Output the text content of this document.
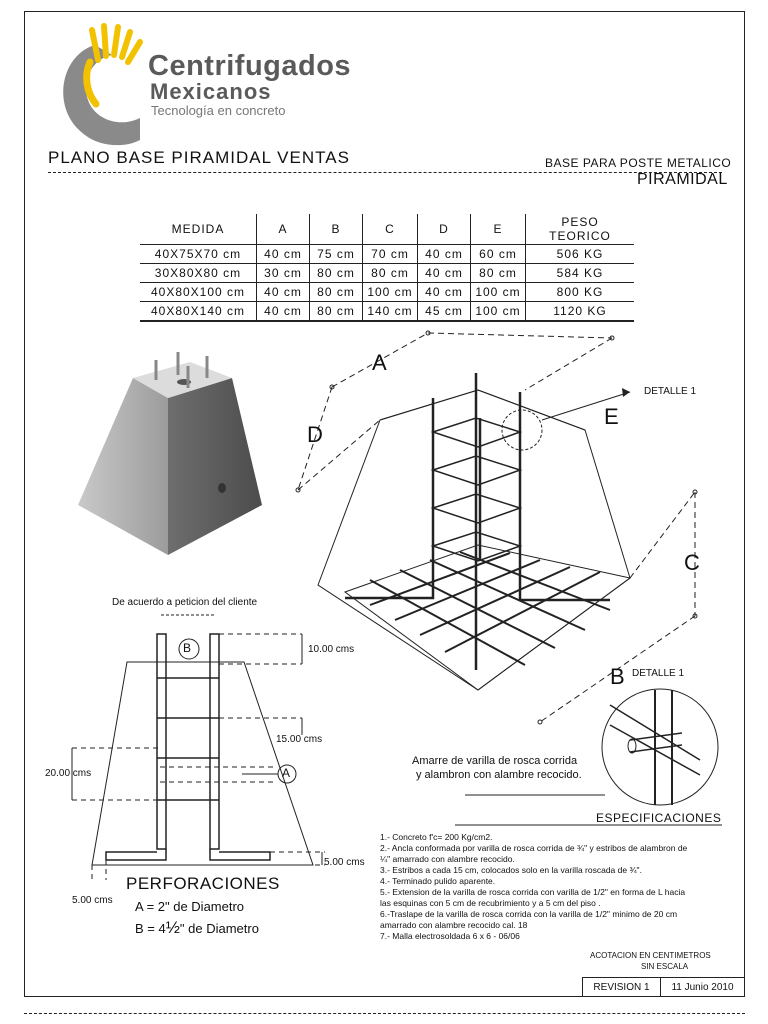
Centrifugados
Mexicanos
Tecnología en concreto
PLANO BASE PIRAMIDAL VENTAS	BASE PARA POSTE METALICO
PIRAMIDAL
MEDIDA	A	B	C	D	E	PESO TEORICO
40X75X70 cm	40 cm	75 cm	70 cm	40 cm	60 cm	506 KG
30X80X80 cm	30 cm	80 cm	80 cm	40 cm	80 cm	584 KG
40X80X100 cm	40 cm	80 cm	100 cm	40 cm	100 cm	800 KG
40X80X140 cm	40 cm	80 cm	140 cm	45 cm	100 cm	1120 KG
A
D
E
C
DETALLE 1
B DETALLE 1
Amarre de varilla de rosca corrida
y alambron con alambre recocido.
De acuerdo a peticion del cliente
10.00 cms
15.00 cms
20.00 cms
5.00 cms
5.00 cms
B
A
PERFORACIONES
A = 2" de Diametro
B = 4½" de Diametro
ESPECIFICACIONES
1.- Concreto f'c= 200 Kg/cm2.
2.- Ancla conformada por varilla de rosca corrida de ¾" y estribos de alambron de
¼" amarrado con alambre recocido.
3.- Estribos a cada 15 cm, colocados solo en la varilla roscada de ¾".
4.- Terminado pulido aparente.
5.- Extension de la varilla de rosca corrida con varilla de 1/2" en forma de L hacia
las esquinas con 5 cm de recubrimiento y a 5 cm del piso .
6.-Traslape de la varilla de rosca corrida con la varilla de 1/2" minimo de 20 cm
amarrado con alambre recocido cal. 18
7.- Malla electrosoldada 6 x 6 - 06/06
ACOTACION EN CENTIMETROS
SIN ESCALA
REVISION 1	11 Junio 2010
